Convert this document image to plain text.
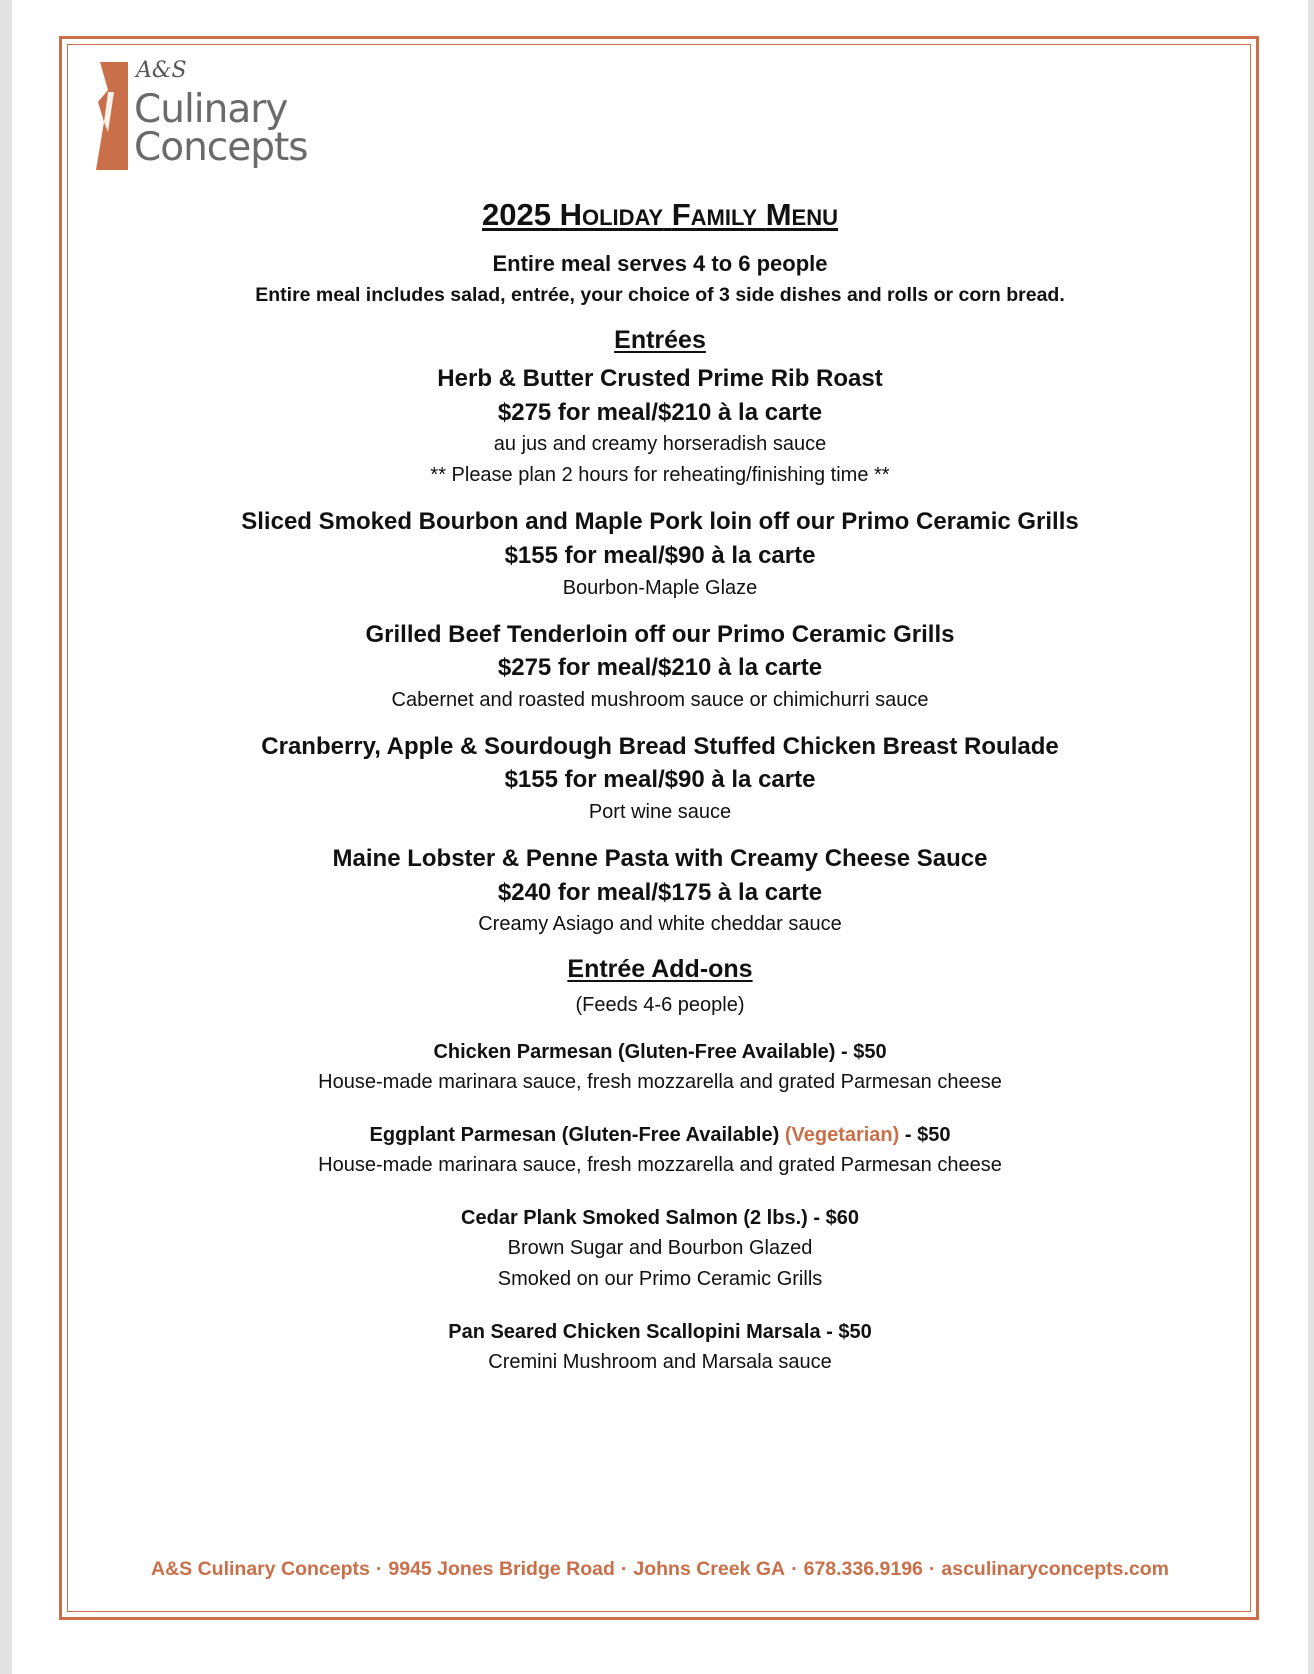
A&S
Culinary
Concepts
2025 Holiday Family Menu
Entire meal serves 4 to 6 people
Entire meal includes salad, entrée, your choice of 3 side dishes and rolls or corn bread.
Entrées
Herb & Butter Crusted Prime Rib Roast
$275 for meal/$210 à la carte
au jus and creamy horseradish sauce
** Please plan 2 hours for reheating/finishing time **
Sliced Smoked Bourbon and Maple Pork loin off our Primo Ceramic Grills
$155 for meal/$90 à la carte
Bourbon-Maple Glaze
Grilled Beef Tenderloin off our Primo Ceramic Grills
$275 for meal/$210 à la carte
Cabernet and roasted mushroom sauce or chimichurri sauce
Cranberry, Apple & Sourdough Bread Stuffed Chicken Breast Roulade
$155 for meal/$90 à la carte
Port wine sauce
Maine Lobster & Penne Pasta with Creamy Cheese Sauce
$240 for meal/$175 à la carte
Creamy Asiago and white cheddar sauce
Entrée Add-ons
(Feeds 4-6 people)
Chicken Parmesan (Gluten-Free Available) - $50
House-made marinara sauce, fresh mozzarella and grated Parmesan cheese
Eggplant Parmesan (Gluten-Free Available) (Vegetarian) - $50
House-made marinara sauce, fresh mozzarella and grated Parmesan cheese
Cedar Plank Smoked Salmon (2 lbs.) - $60
Brown Sugar and Bourbon Glazed
Smoked on our Primo Ceramic Grills
Pan Seared Chicken Scallopini Marsala - $50
Cremini Mushroom and Marsala sauce
A&S Culinary Concepts · 9945 Jones Bridge Road · Johns Creek GA · 678.336.9196 · asculinaryconcepts.com
